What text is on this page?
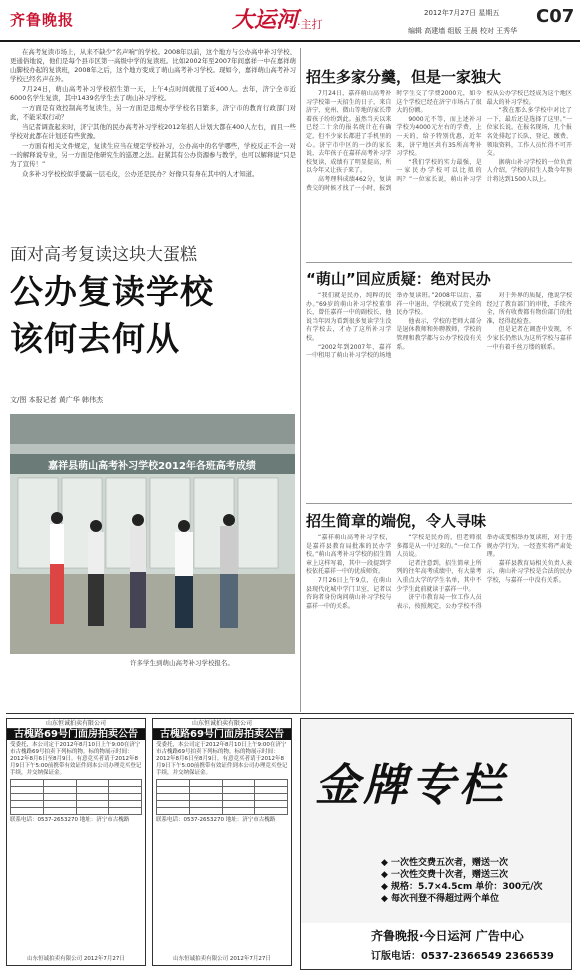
齐鲁晚报	大运河
·主打
2012年7月27日 星期五
编辑 高建墙 组版 王晨 校对 王秀华
C07

在高考复读市场上，从来不缺少“名声响”的学校。2008年以前，这个地方与公办高中补习学校、更通俗地说，他们是每个县市区第一高级中学的复读班。比如2002年至2007年间嘉祥一中在嘉祥萌山脚校办起的复读班，2008年之后，这个地方变成了萌山高考补习学校。现如今，嘉祥萌山高考补习学校已经名声在外。

7月24日，萌山高考补习学校招生第一天，上午4点时间就报了近400人。去年，济宁全市近6000名学生复读，其中1439名学生去了萌山补习学校。

一方面是有效控制高考复读生，另一方面是违规办学学校名目繁多，济宁市的教育行政部门对此，不能采取行动？

当记者调查起来时，济宁其他的民办高考补习学校2012年招人计划大都在400人左右，而且一些学校对此都在计划还有些犹豫。

一方面有相关文件规定，复读生应当在规定学校补习，公办高中的名学哪些，学校反正不会一对一的解释说专业，另一方面是他研究生的巡逻之法。赶紧其有公办资源参与教学，也可以解释说“只是为了宣传！”

众多补习学校校似乎要赢一层毛皮，公办还是民办？好像只有身在其中的人才知道。

面对高考复读这块大蛋糕
公办复读学校
该何去何从
文/图 本报记者 黄广华 韩伟杰
嘉祥县萌山高考补习学校2012年各班高考成绩
许多学生到萌山高考补习学校报名。
招生多家分羹，但是一家独大

7月24日，嘉祥萌山高考补习学校第一天招生的日子，来自济宁、兖州、微山等地的家长带着孩子纷纷到此。虽然当天以来已经二十余的报名统计在有确定，但不少家长都进了手机里的心。济宁市中区的一沙的家长说，去年孩子在嘉祥高考补习学校复读，成绩有了明显提高，所以今年又让孩子来了。

高考理科成绩462分，复读费交的时候才找了一小时，报到时学生交了学费2000元，如今这个学校已经在济宁市场占了很大的份额。

9000元不等，而上述补习学校为4000元左右的学费，上一天的，给予特别优惠，近年来，济宁地区共有35所高考补习学校。

“我们学校的实力最强，是一家民办学校可以比拟的吗？”一位家长说，萌山补习学校从公办学校已经成为这个地区最大的补习学校。

“我在那么多学校中对比了一下，最后还是选择了这里。”一位家长说。在报名现场，几个报名处排起了长队，登记、缴费、领取资料，工作人员忙得不可开交。

据萌山补习学校的一位负责人介绍，学校的招生人数今年预计将达到1500人以上。

“萌山”回应质疑：绝对民办

“我们就是民办，纯粹的民办。”69岁的萌山补习学校董事长，曾任嘉祥一中的副校长，他说当年因为看到很多复读学生没有学校去，才办了这所补习学校。

“2002年到2007年，嘉祥一中租用了萌山补习学校的场地举办复读班。”2008年以后，嘉祥一中退出，学校就成了完全的民办学校。

他表示，学校的老师大部分是退休教师和外聘教师，学校的管理和教学都与公办学校没有关系。

对于外界的质疑，他说学校经过了教育部门的审批，手续齐全，所有收费都有物价部门的批准，经得起检查。

但是记者在调查中发现，不少家长仍然认为这所学校与嘉祥一中有着千丝万缕的联系。

招生简章的端倪，令人寻味

“嘉祥萌山高考补习学校，是嘉祥县教育局批准的民办学校。”萌山高考补习学校的招生简章上这样写着，其中一段提到学校依托嘉祥一中的优质师资。

7月26日上午9点，在萌山县现代化城中学门卫室，记者以咨询者身份询问萌山补习学校与嘉祥一中的关系。

“学校是民办的，但老师很多都是从一中过来的。”一位工作人员说。

记者注意到，招生简章上所列的往年高考成绩中，有大量考入重点大学的学生名单，其中不少学生此前就读于嘉祥一中。

济宁市教育局一位工作人员表示，按照规定，公办学校不得举办或变相举办复读班，对于违规办学行为，一经查实将严肃处理。

嘉祥县教育局相关负责人表示，萌山补习学校是合法的民办学校，与嘉祥一中没有关系。

山东恒诚拍卖有限公司
古槐路69号门面房拍卖公告
受委托，本公司定于2012年8月10日上午9:00在济宁市古槐路69号拍卖下列标的物。标的物展示时间：2012年8月6日至8月9日。有意竞买者请于2012年8月9日下午5:00前携带有效证件到本公司办理竞买登记手续，并交纳保证金。

联系电话：0537-2653270 地址：济宁市古槐路
山东恒诚拍卖有限公司 2012年7月27日
山东恒诚拍卖有限公司
古槐路69号门面房拍卖公告
受委托，本公司定于2012年8月10日上午9:00在济宁市古槐路69号拍卖下列标的物。标的物展示时间：2012年8月6日至8月9日。有意竞买者请于2012年8月9日下午5:00前携带有效证件到本公司办理竞买登记手续，并交纳保证金。

联系电话：0537-2653270 地址：济宁市古槐路
山东恒诚拍卖有限公司 2012年7月27日
金牌专栏
◆ 一次性交费五次者，赠送一次
◆ 一次性交费十次者，赠送三次
◆ 规格：5.7×4.5cm 单价：300元/次
◆ 每次刊登不得超过两个单位
齐鲁晚报·今日运河 广告中心
订版电话：0537-2366549 2366539
